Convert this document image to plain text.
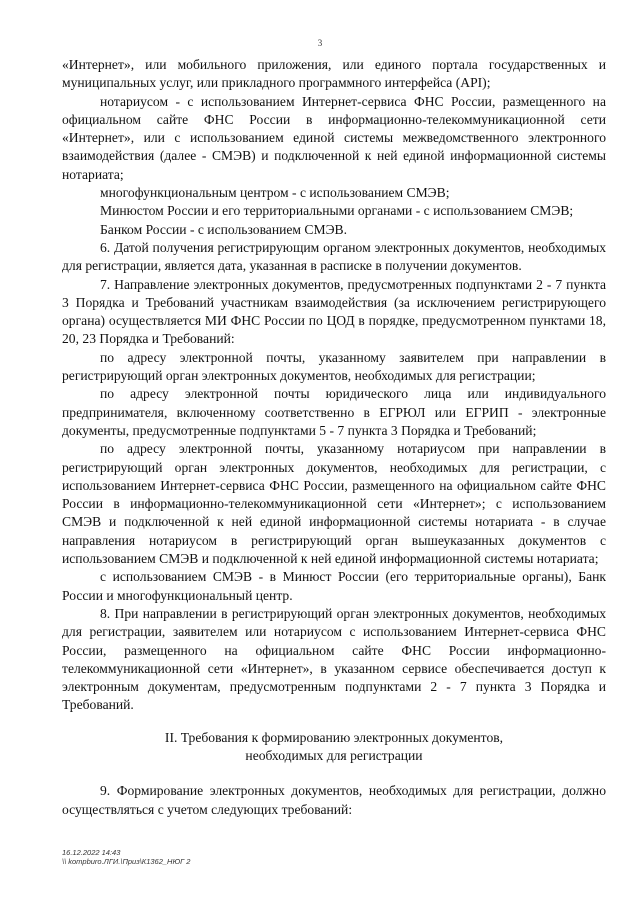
3

«Интернет», или мобильного приложения, или единого портала государственных и муниципальных услуг, или прикладного программного интерфейса (API);

нотариусом - с использованием Интернет-сервиса ФНС России, размещенного на официальном сайте ФНС России в информационно-телекоммуникационной сети «Интернет», или с использованием единой системы межведомственного электронного взаимодействия (далее - СМЭВ) и подключенной к ней единой информационной системы нотариата;

многофункциональным центром - с использованием СМЭВ;

Минюстом России и его территориальными органами - с использованием СМЭВ;

Банком России - с использованием СМЭВ.

6. Датой получения регистрирующим органом электронных документов, необходимых для регистрации, является дата, указанная в расписке в получении документов.

7. Направление электронных документов, предусмотренных подпунктами 2 - 7 пункта 3 Порядка и Требований участникам взаимодействия (за исключением регистрирующего органа) осуществляется МИ ФНС России по ЦОД в порядке, предусмотренном пунктами 18, 20, 23 Порядка и Требований:

по адресу электронной почты, указанному заявителем при направлении в регистрирующий орган электронных документов, необходимых для регистрации;

по адресу электронной почты юридического лица или индивидуального предпринимателя, включенному соответственно в ЕГРЮЛ или ЕГРИП - электронные документы, предусмотренные подпунктами 5 - 7 пункта 3 Порядка и Требований;

по адресу электронной почты, указанному нотариусом при направлении в регистрирующий орган электронных документов, необходимых для регистрации, с использованием Интернет-сервиса ФНС России, размещенного на официальном сайте ФНС России в информационно-телекоммуникационной сети «Интернет»; с использованием СМЭВ и подключенной к ней единой информационной системы нотариата - в случае направления нотариусом в регистрирующий орган вышеуказанных документов с использованием СМЭВ и подключенной к ней единой информационной системы нотариата;

с использованием СМЭВ - в Минюст России (его территориальные органы), Банк России и многофункциональный центр.

8. При направлении в регистрирующий орган электронных документов, необходимых для регистрации, заявителем или нотариусом с использованием Интернет-сервиса ФНС России, размещенного на официальном сайте ФНС России информационно-телекоммуникационной сети «Интернет», в указанном сервисе обеспечивается доступ к электронным документам, предусмотренным подпунктами 2 - 7 пункта 3 Порядка и Требований.

II. Требования к формированию электронных документов,
необходимых для регистрации

9. Формирование электронных документов, необходимых для регистрации, должно осуществляться с учетом следующих требований:

16.12.2022 14:43
\\ kompburo.ЛГИ.\Приз\К1362_НЮГ 2
